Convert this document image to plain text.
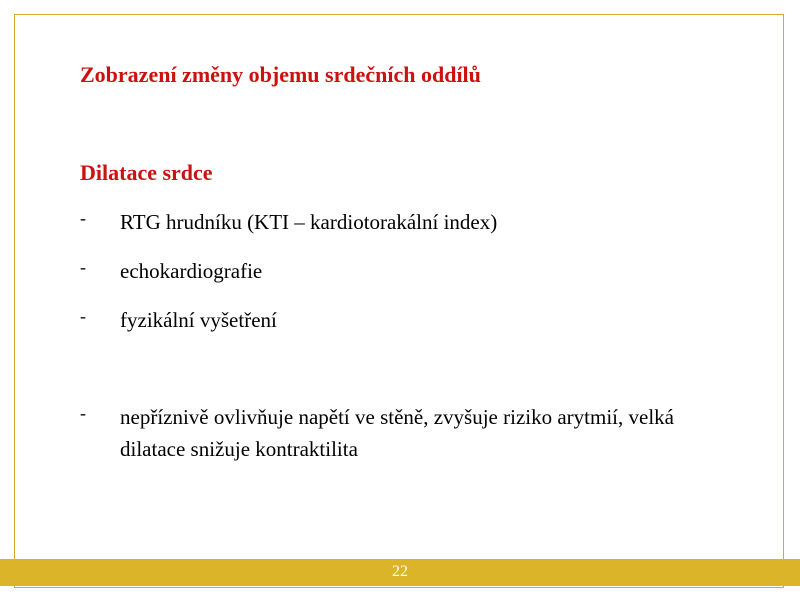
Zobrazení změny objemu srdečních oddílů
Dilatace srdce
- RTG hrudníku (KTI – kardiotorakální index)
- echokardiografie
- fyzikální vyšetření
- nepříznivě ovlivňuje napětí ve stěně, zvyšuje riziko arytmií, velká dilatace snižuje kontraktilita
22
